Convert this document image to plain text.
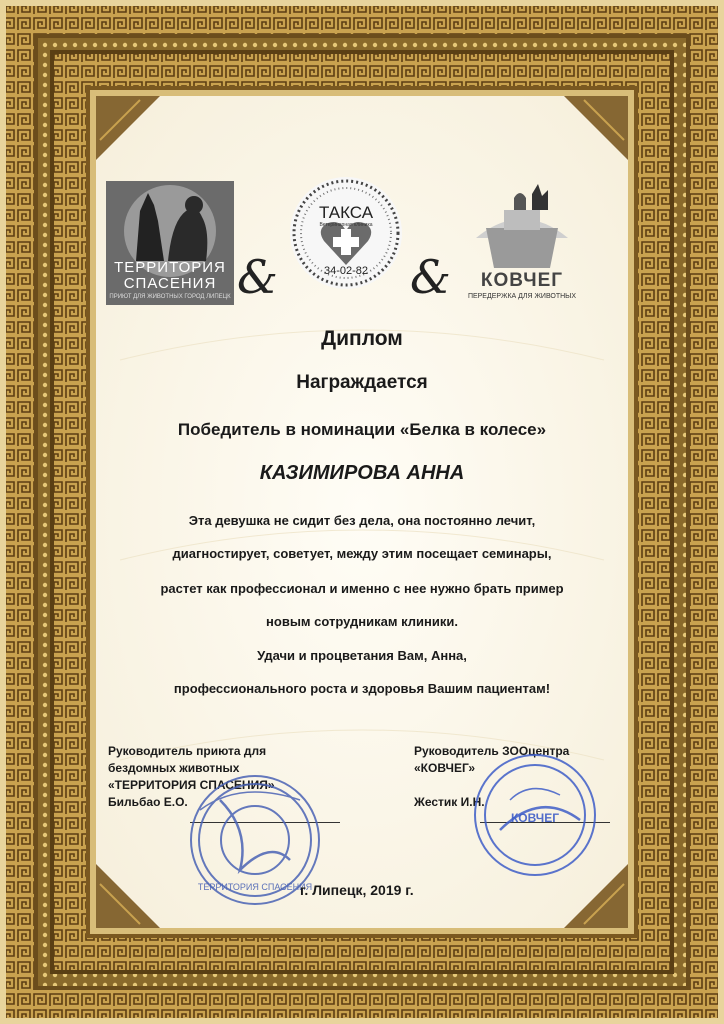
ТЕРРИТОРИЯ
СПАСЕНИЯ
ПРИЮТ ДЛЯ ЖИВОТНЫХ ГОРОД ЛИПЕЦК &
ТАКСА
Ветеринарная клиника
34-02-82 &	КОВЧЕГ
ПЕРЕДЕРЖКА ДЛЯ ЖИВОТНЫХ
Диплом
Награждается
Победитель в номинации «Белка в колесе»
КАЗИМИРОВА АННА
Эта девушка не сидит без дела, она постоянно лечит,
диагностирует, советует, между этим посещает семинары,
растет как профессионал и именно с нее нужно брать пример
новым сотрудникам клиники.
Удачи и процветания Вам, Анна,
профессионального роста и здоровья Вашим пациентам!
Руководитель приюта для
бездомных животных
«ТЕРРИТОРИЯ СПАСЕНИЯ»
Бильбао Е.О.
ТЕРРИТОРИЯ СПАСЕНИЯ
Руководитель ЗООцентра
«КОВЧЕГ»
Жестик И.Н.
КОВЧЕГ
г. Липецк, 2019 г.
